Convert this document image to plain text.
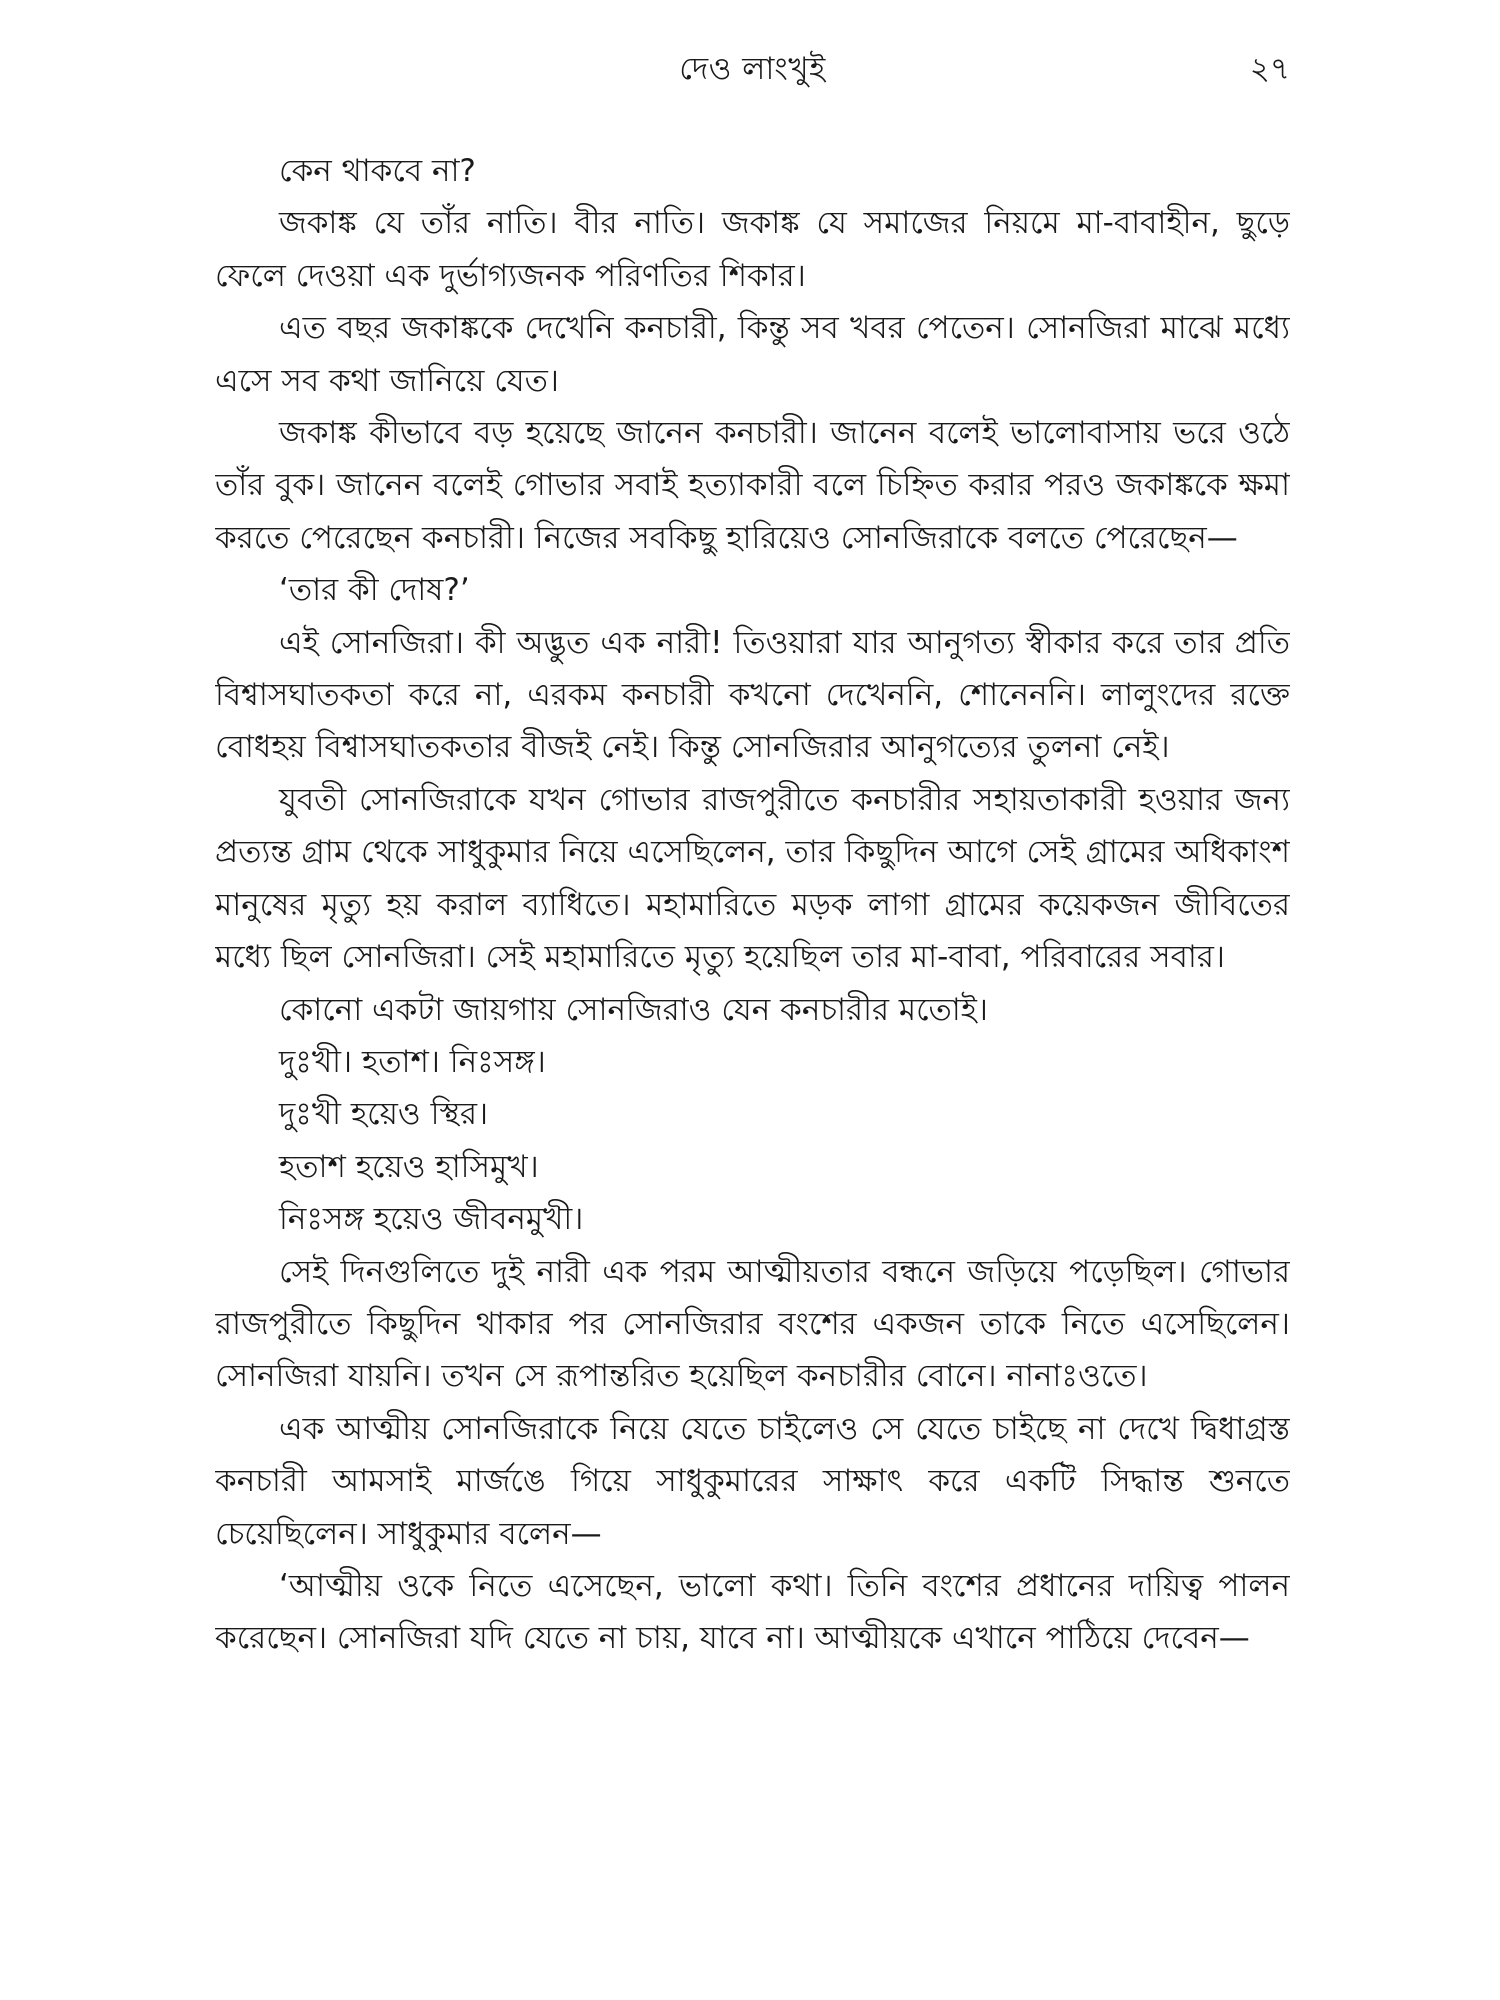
দেও লাংখুই	২৭

কেন থাকবে না?

জকাঙ্ক যে তাঁর নাতি। বীর নাতি। জকাঙ্ক যে সমাজের নিয়মে মা-বাবাহীন, ছুড়ে ফেলে দেওয়া এক দুর্ভাগ্যজনক পরিণতির শিকার।

এত বছর জকাঙ্ককে দেখেনি কনচারী, কিন্তু সব খবর পেতেন। সোনজিরা মাঝে মধ্যে এসে সব কথা জানিয়ে যেত।

জকাঙ্ক কীভাবে বড় হয়েছে জানেন কনচারী। জানেন বলেই ভালোবাসায় ভরে ওঠে তাঁর বুক। জানেন বলেই গোভার সবাই হত্যাকারী বলে চিহ্নিত করার পরও জকাঙ্ককে ক্ষমা করতে পেরেছেন কনচারী। নিজের সবকিছু হারিয়েও সোনজিরাকে বলতে পেরেছেন—

‘তার কী দোষ?’

এই সোনজিরা। কী অদ্ভুত এক নারী! তিওয়ারা যার আনুগত্য স্বীকার করে তার প্রতি বিশ্বাসঘাতকতা করে না, এরকম কনচারী কখনো দেখেননি, শোনেননি। লালুংদের রক্তে বোধহয় বিশ্বাসঘাতকতার বীজই নেই। কিন্তু সোনজিরার আনুগত্যের তুলনা নেই।

যুবতী সোনজিরাকে যখন গোভার রাজপুরীতে কনচারীর সহায়তাকারী হওয়ার জন্য প্রত্যন্ত গ্রাম থেকে সাধুকুমার নিয়ে এসেছিলেন, তার কিছুদিন আগে সেই গ্রামের অধিকাংশ মানুষের মৃত্যু হয় করাল ব্যাধিতে। মহামারিতে মড়ক লাগা গ্রামের কয়েকজন জীবিতের মধ্যে ছিল সোনজিরা। সেই মহামারিতে মৃত্যু হয়েছিল তার মা-বাবা, পরিবারের সবার।

কোনো একটা জায়গায় সোনজিরাও যেন কনচারীর মতোই।

দুঃখী। হতাশ। নিঃসঙ্গ।

দুঃখী হয়েও স্থির।

হতাশ হয়েও হাসিমুখ।

নিঃসঙ্গ হয়েও জীবনমুখী।

সেই দিনগুলিতে দুই নারী এক পরম আত্মীয়তার বন্ধনে জড়িয়ে পড়েছিল। গোভার রাজপুরীতে কিছুদিন থাকার পর সোনজিরার বংশের একজন তাকে নিতে এসেছিলেন। সোনজিরা যায়নি। তখন সে রূপান্তরিত হয়েছিল কনচারীর বোনে। নানাঃওতে।

এক আত্মীয় সোনজিরাকে নিয়ে যেতে চাইলেও সে যেতে চাইছে না দেখে দ্বিধাগ্রস্ত কনচারী আমসাই মার্জঙে গিয়ে সাধুকুমারের সাক্ষাৎ করে একটি সিদ্ধান্ত শুনতে চেয়েছিলেন। সাধুকুমার বলেন—

‘আত্মীয় ওকে নিতে এসেছেন, ভালো কথা। তিনি বংশের প্রধানের দায়িত্ব পালন করেছেন। সোনজিরা যদি যেতে না চায়, যাবে না। আত্মীয়কে এখানে পাঠিয়ে দেবেন—
